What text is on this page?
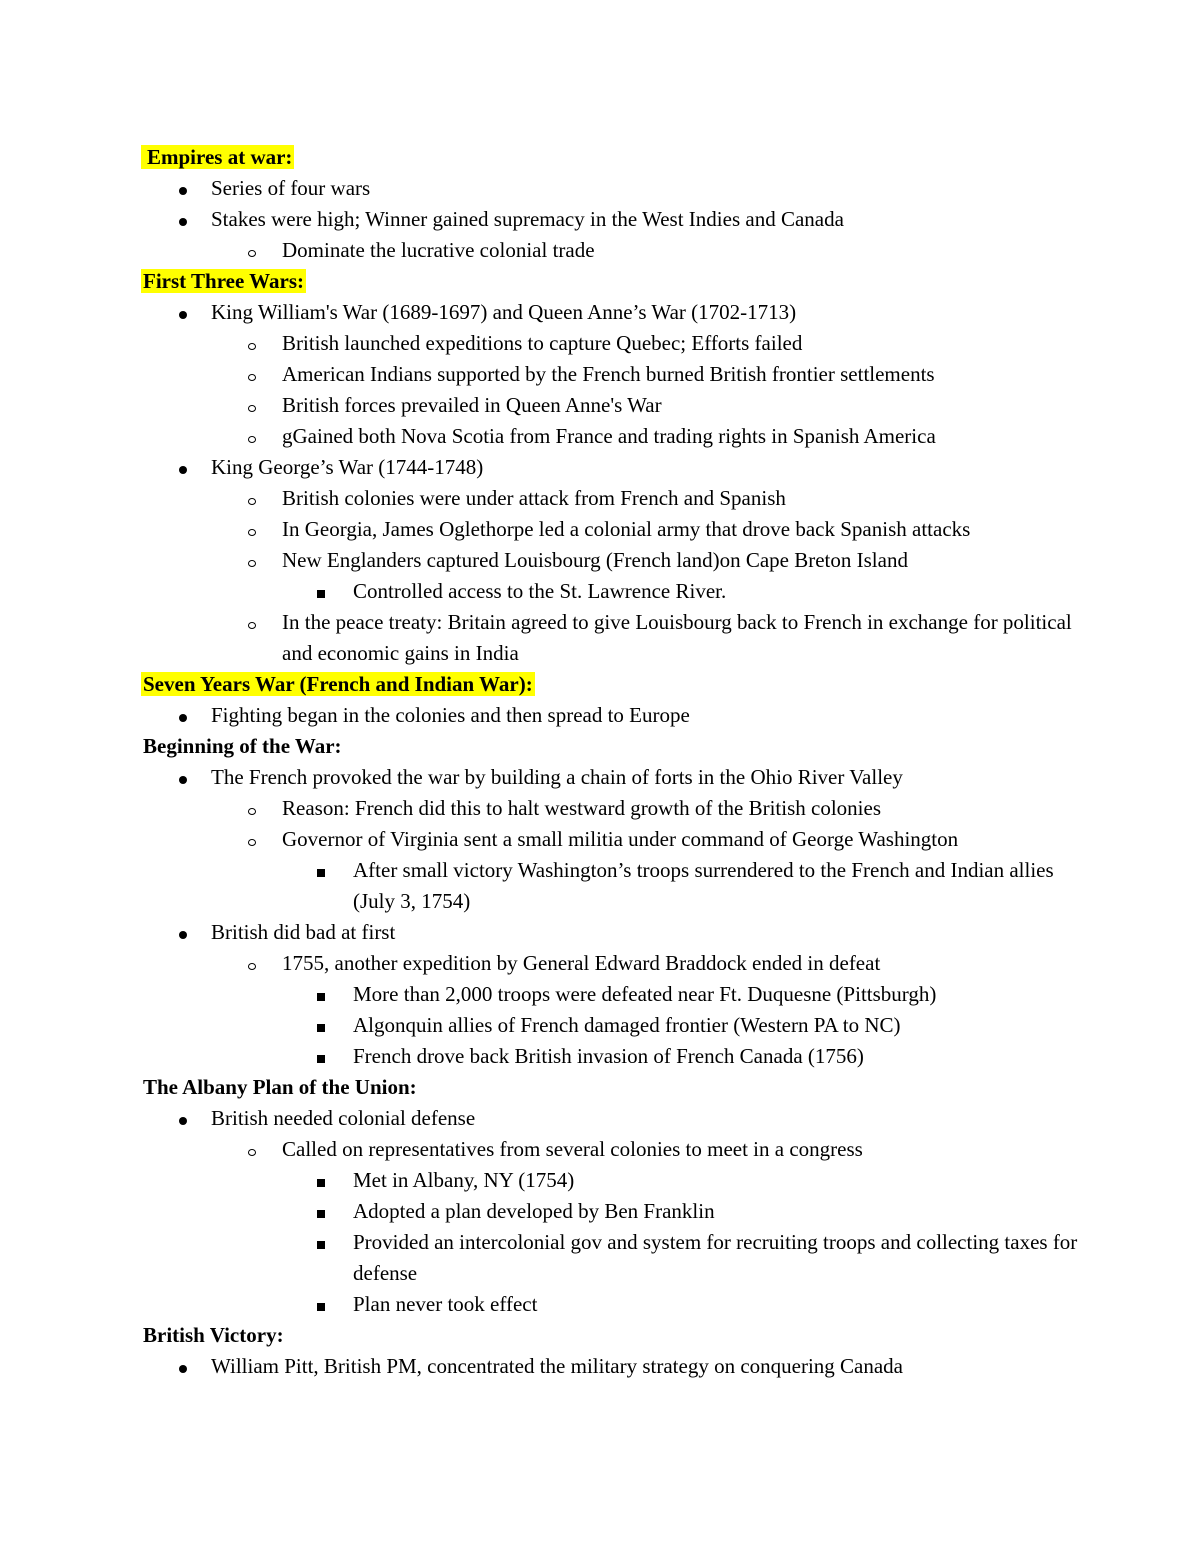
Empires at war:
Series of four wars
Stakes were high; Winner gained supremacy in the West Indies and Canada
Dominate the lucrative colonial trade
First Three Wars:
King William's War (1689-1697) and Queen Anne’s War (1702-1713)
British launched expeditions to capture Quebec; Efforts failed
American Indians supported by the French burned British frontier settlements
British forces prevailed in Queen Anne's War
gGained both Nova Scotia from France and trading rights in Spanish America
King George’s War (1744-1748)
British colonies were under attack from French and Spanish
In Georgia, James Oglethorpe led a colonial army that drove back Spanish attacks
New Englanders captured Louisbourg (French land)on Cape Breton Island
Controlled access to the St. Lawrence River.
In the peace treaty: Britain agreed to give Louisbourg back to French in exchange for political and economic gains in India
Seven Years War (French and Indian War):
Fighting began in the colonies and then spread to Europe
Beginning of the War:
The French provoked the war by building a chain of forts in the Ohio River Valley
Reason: French did this to halt westward growth of the British colonies
Governor of Virginia sent a small militia under command of George Washington
After small victory Washington’s troops surrendered to the French and Indian allies (July 3, 1754)
British did bad at first
1755, another expedition by General Edward Braddock ended in defeat
More than 2,000 troops were defeated near Ft. Duquesne (Pittsburgh)
Algonquin allies of French damaged frontier (Western PA to NC)
French drove back British invasion of French Canada (1756)
The Albany Plan of the Union:
British needed colonial defense
Called on representatives from several colonies to meet in a congress
Met in Albany, NY (1754)
Adopted a plan developed by Ben Franklin
Provided an intercolonial gov and system for recruiting troops and collecting taxes for defense
Plan never took effect
British Victory:
William Pitt, British PM, concentrated the military strategy on conquering Canada
